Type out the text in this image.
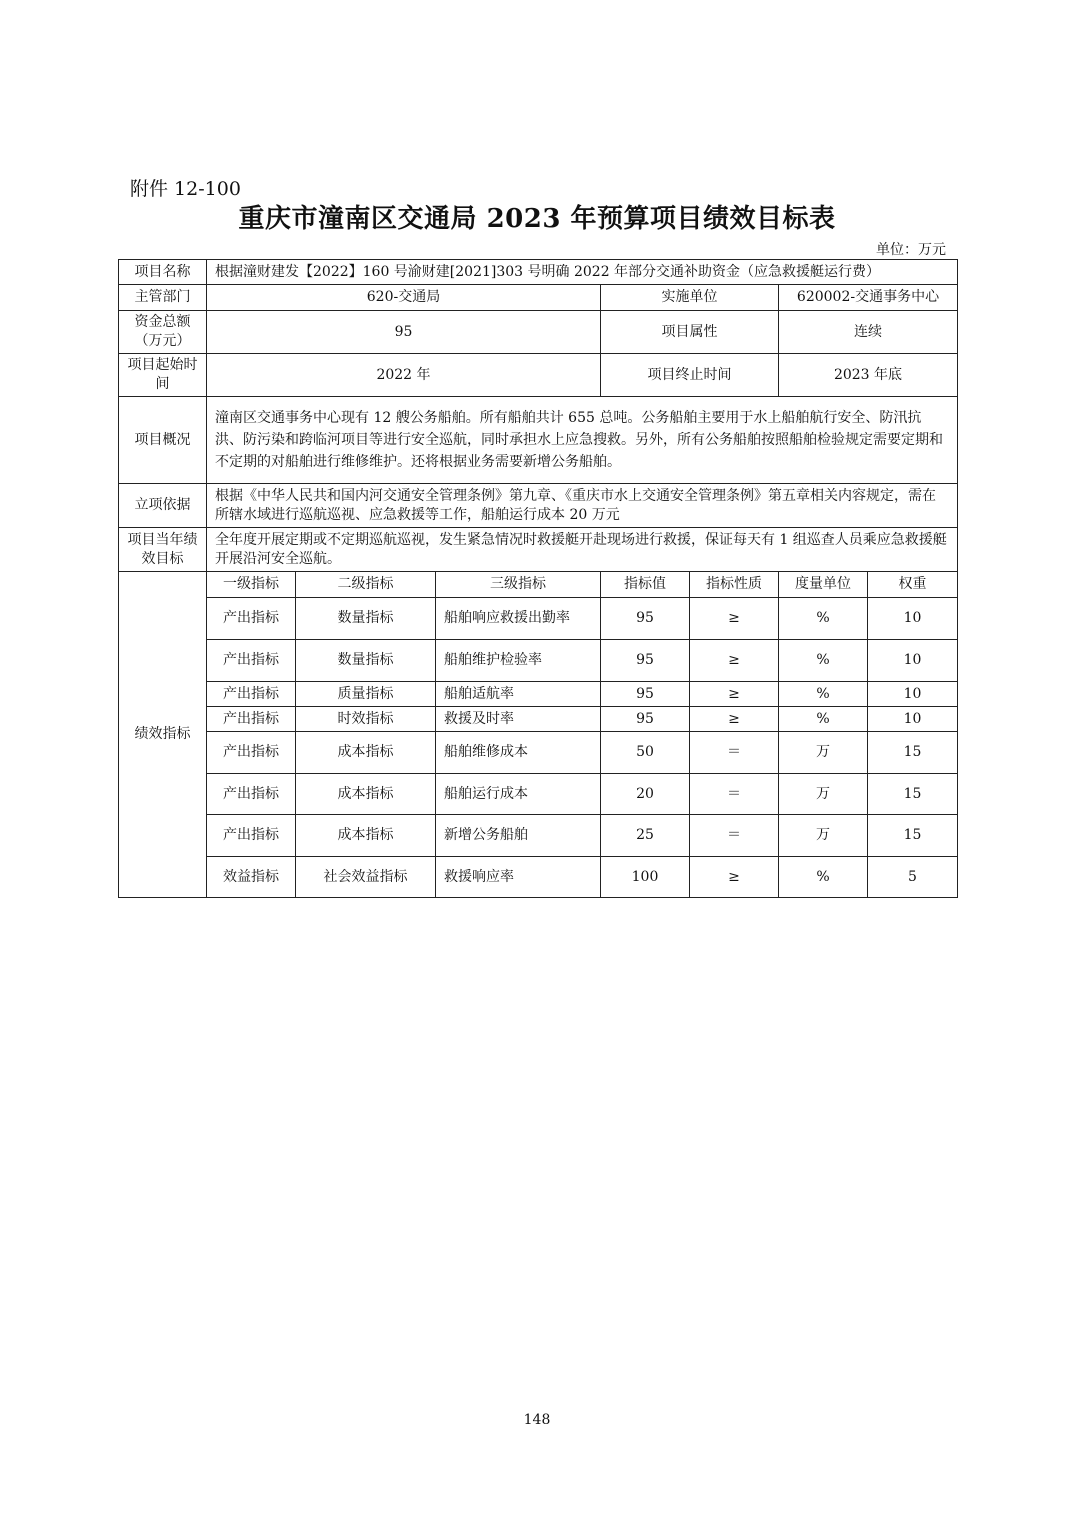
附件 12-100
重庆市潼南区交通局 2023 年预算项目绩效目标表
单位：万元
项目名称	根据潼财建发【2022】160 号渝财建[2021]303 号明确 2022 年部分交通补助资金（应急救援艇运行费）						
主管部门	620-交通局			实施单位		620002-交通事务中心	
资金总额（万元）	95			项目属性		连续	
项目起始时间	2022 年			项目终止时间		2023 年底	
项目概况	潼南区交通事务中心现有 12 艘公务船舶。所有船舶共计 655 总吨。公务船舶主要用于水上船舶航行安全、防汛抗洪、防污染和跨临河项目等进行安全巡航，同时承担水上应急搜救。另外，所有公务船舶按照船舶检验规定需要定期和不定期的对船舶进行维修维护。还将根据业务需要新增公务船舶。						
立项依据	根据《中华人民共和国内河交通安全管理条例》第九章、《重庆市水上交通安全管理条例》第五章相关内容规定，需在所辖水域进行巡航巡视、应急救援等工作，船舶运行成本 20 万元						
项目当年绩效目标	全年度开展定期或不定期巡航巡视，发生紧急情况时救援艇开赴现场进行救援，保证每天有 1 组巡查人员乘应急救援艇开展沿河安全巡航。						
绩效指标	一级指标	二级指标	三级指标	指标值	指标性质	度量单位	权重
	产出指标	数量指标	船舶响应救援出勤率	95	≥	%	10
	产出指标	数量指标	船舶维护检验率	95	≥	%	10
	产出指标	质量指标	船舶适航率	95	≥	%	10
	产出指标	时效指标	救援及时率	95	≥	%	10
	产出指标	成本指标	船舶维修成本	50	＝	万	15
	产出指标	成本指标	船舶运行成本	20	＝	万	15
	产出指标	成本指标	新增公务船舶	25	＝	万	15
	效益指标	社会效益指标	救援响应率	100	≥	%	5
148
